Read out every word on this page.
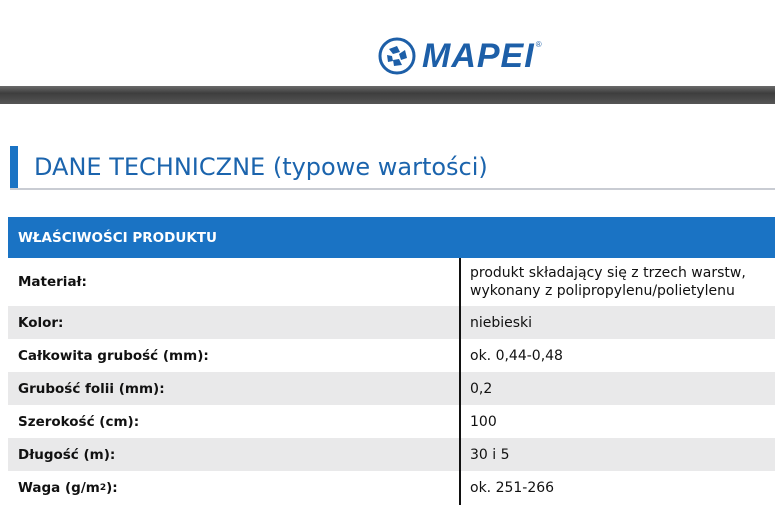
MAPEI ®
DANE TECHNICZNE (typowe wartości)
WŁAŚCIWOŚCI PRODUKTU
Materiał:
produkt składający się z trzech warstw, wykonany z polipropylenu/polietylenu
Kolor:	niebieski
Całkowita grubość (mm):	ok. 0,44-0,48
Grubość folii (mm):	0,2
Szerokość (cm):	100
Długość (m):	30 i 5
Waga (g/m 2 ):	ok. 251-266
